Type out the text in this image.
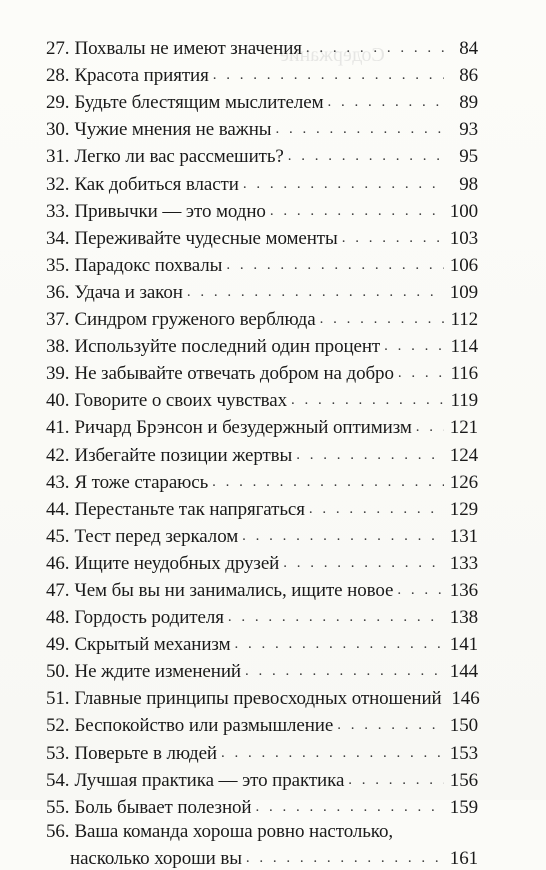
Содержание
27. Похвалы не имеют значения . . .	84
28. Красота приятия . . .	86
29. Будьте блестящим мыслителем . . .	89
30. Чужие мнения не важны . . .	93
31. Легко ли вас рассмешить? . . .	95
32. Как добиться власти . . .	98
33. Привычки — это модно . . .	100
34. Переживайте чудесные моменты . . .	103
35. Парадокс похвалы . . .	106
36. Удача и закон . . .	109
37. Синдром груженого верблюда . . .	112
38. Используйте последний один процент . . .	114
39. Не забывайте отвечать добром на добро . . .	116
40. Говорите о своих чувствах . . .	119
41. Ричард Брэнсон и безудержный оптимизм . . . 121
42. Избегайте позиции жертвы . . .	124
43. Я тоже стараюсь . . .	126
44. Перестаньте так напрягаться . . .	129
45. Тест перед зеркалом . . .	131
46. Ищите неудобных друзей . . .	133
47. Чем бы вы ни занимались, ищите новое . . .	136
48. Гордость родителя . . .	138
49. Скрытый механизм . . .	141
50. Не ждите изменений . . .	144
51. Главные принципы превосходных отношений 146
52. Беспокойство или размышление . . .	150
53. Поверьте в людей . . .	153
54. Лучшая практика — это практика . . .	156
55. Боль бывает полезной . . .	159
56. Ваша команда хороша ровно настолько,
насколько хороши вы . . .	161
